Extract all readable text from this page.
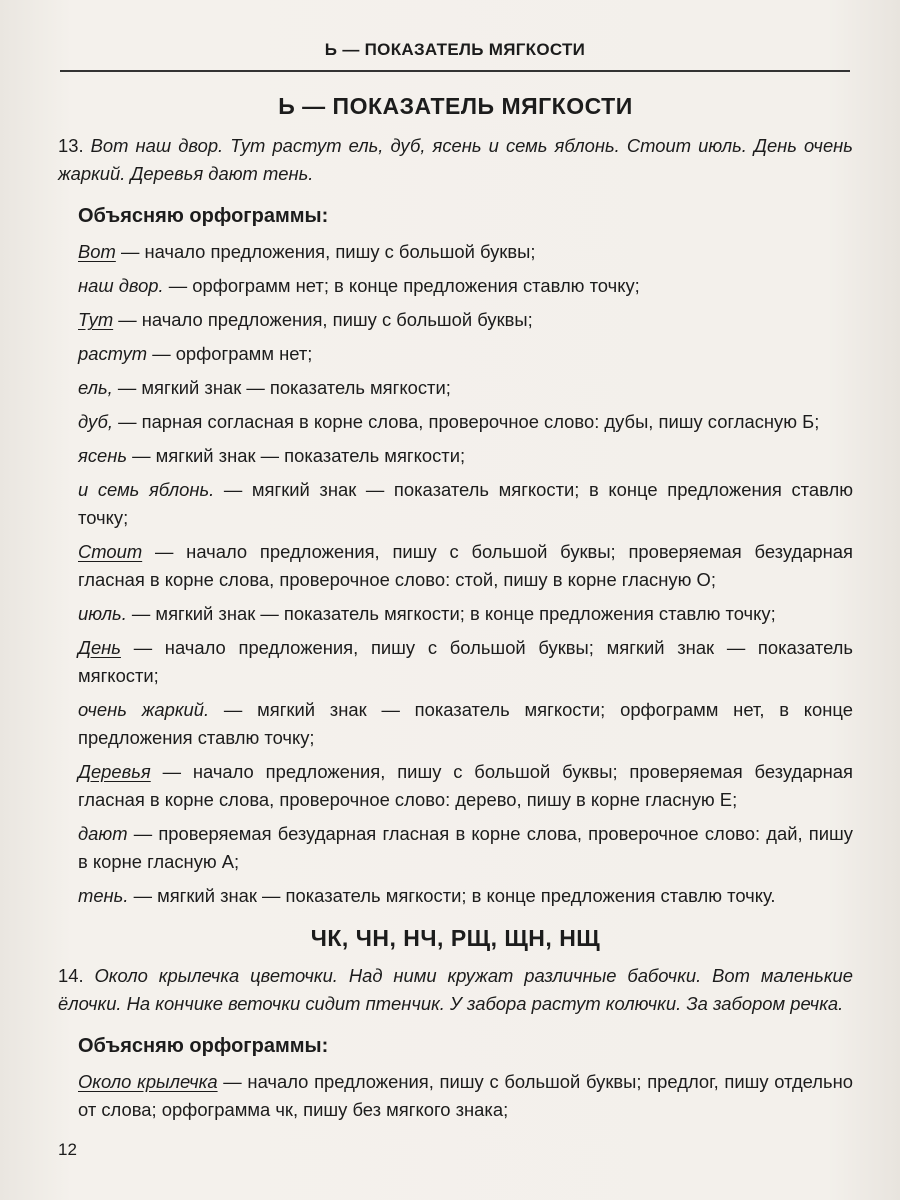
Ь — ПОКАЗАТЕЛЬ МЯГКОСТИ
Ь — ПОКАЗАТЕЛЬ МЯГКОСТИ

13. Вот наш двор. Тут растут ель, дуб, ясень и семь яблонь. Стоит июль. День очень жаркий. Деревья дают тень.

Объясняю орфограммы:
Вот — начало предложения, пишу с большой буквы;
наш двор. — орфограмм нет; в конце предложения ставлю точку;
Тут — начало предложения, пишу с большой буквы;
растут — орфограмм нет;
ель, — мягкий знак — показатель мягкости;
дуб, — парная согласная в корне слова, проверочное слово: дубы, пишу согласную Б;
ясень — мягкий знак — показатель мягкости;
и семь яблонь. — мягкий знак — показатель мягкости; в конце предложения ставлю точку;
Стоит — начало предложения, пишу с большой буквы; проверяемая безударная гласная в корне слова, проверочное слово: стой, пишу в корне гласную О;
июль. — мягкий знак — показатель мягкости; в конце предложения ставлю точку;
День — начало предложения, пишу с большой буквы; мягкий знак — показатель мягкости;
очень жаркий. — мягкий знак — показатель мягкости; орфограмм нет, в конце предложения ставлю точку;
Деревья — начало предложения, пишу с большой буквы; проверяемая безударная гласная в корне слова, проверочное слово: дерево, пишу в корне гласную Е;
дают — проверяемая безударная гласная в корне слова, проверочное слово: дай, пишу в корне гласную А;
тень. — мягкий знак — показатель мягкости; в конце предложения ставлю точку.
ЧК, ЧН, НЧ, РЩ, ЩН, НЩ

14. Около крылечка цветочки. Над ними кружат различные бабочки. Вот маленькие ёлочки. На кончике веточки сидит птенчик. У забора растут колючки. За забором речка.

Объясняю орфограммы:
Около крылечка — начало предложения, пишу с большой буквы; предлог, пишу отдельно от слова; орфограмма чк, пишу без мягкого знака;
12
